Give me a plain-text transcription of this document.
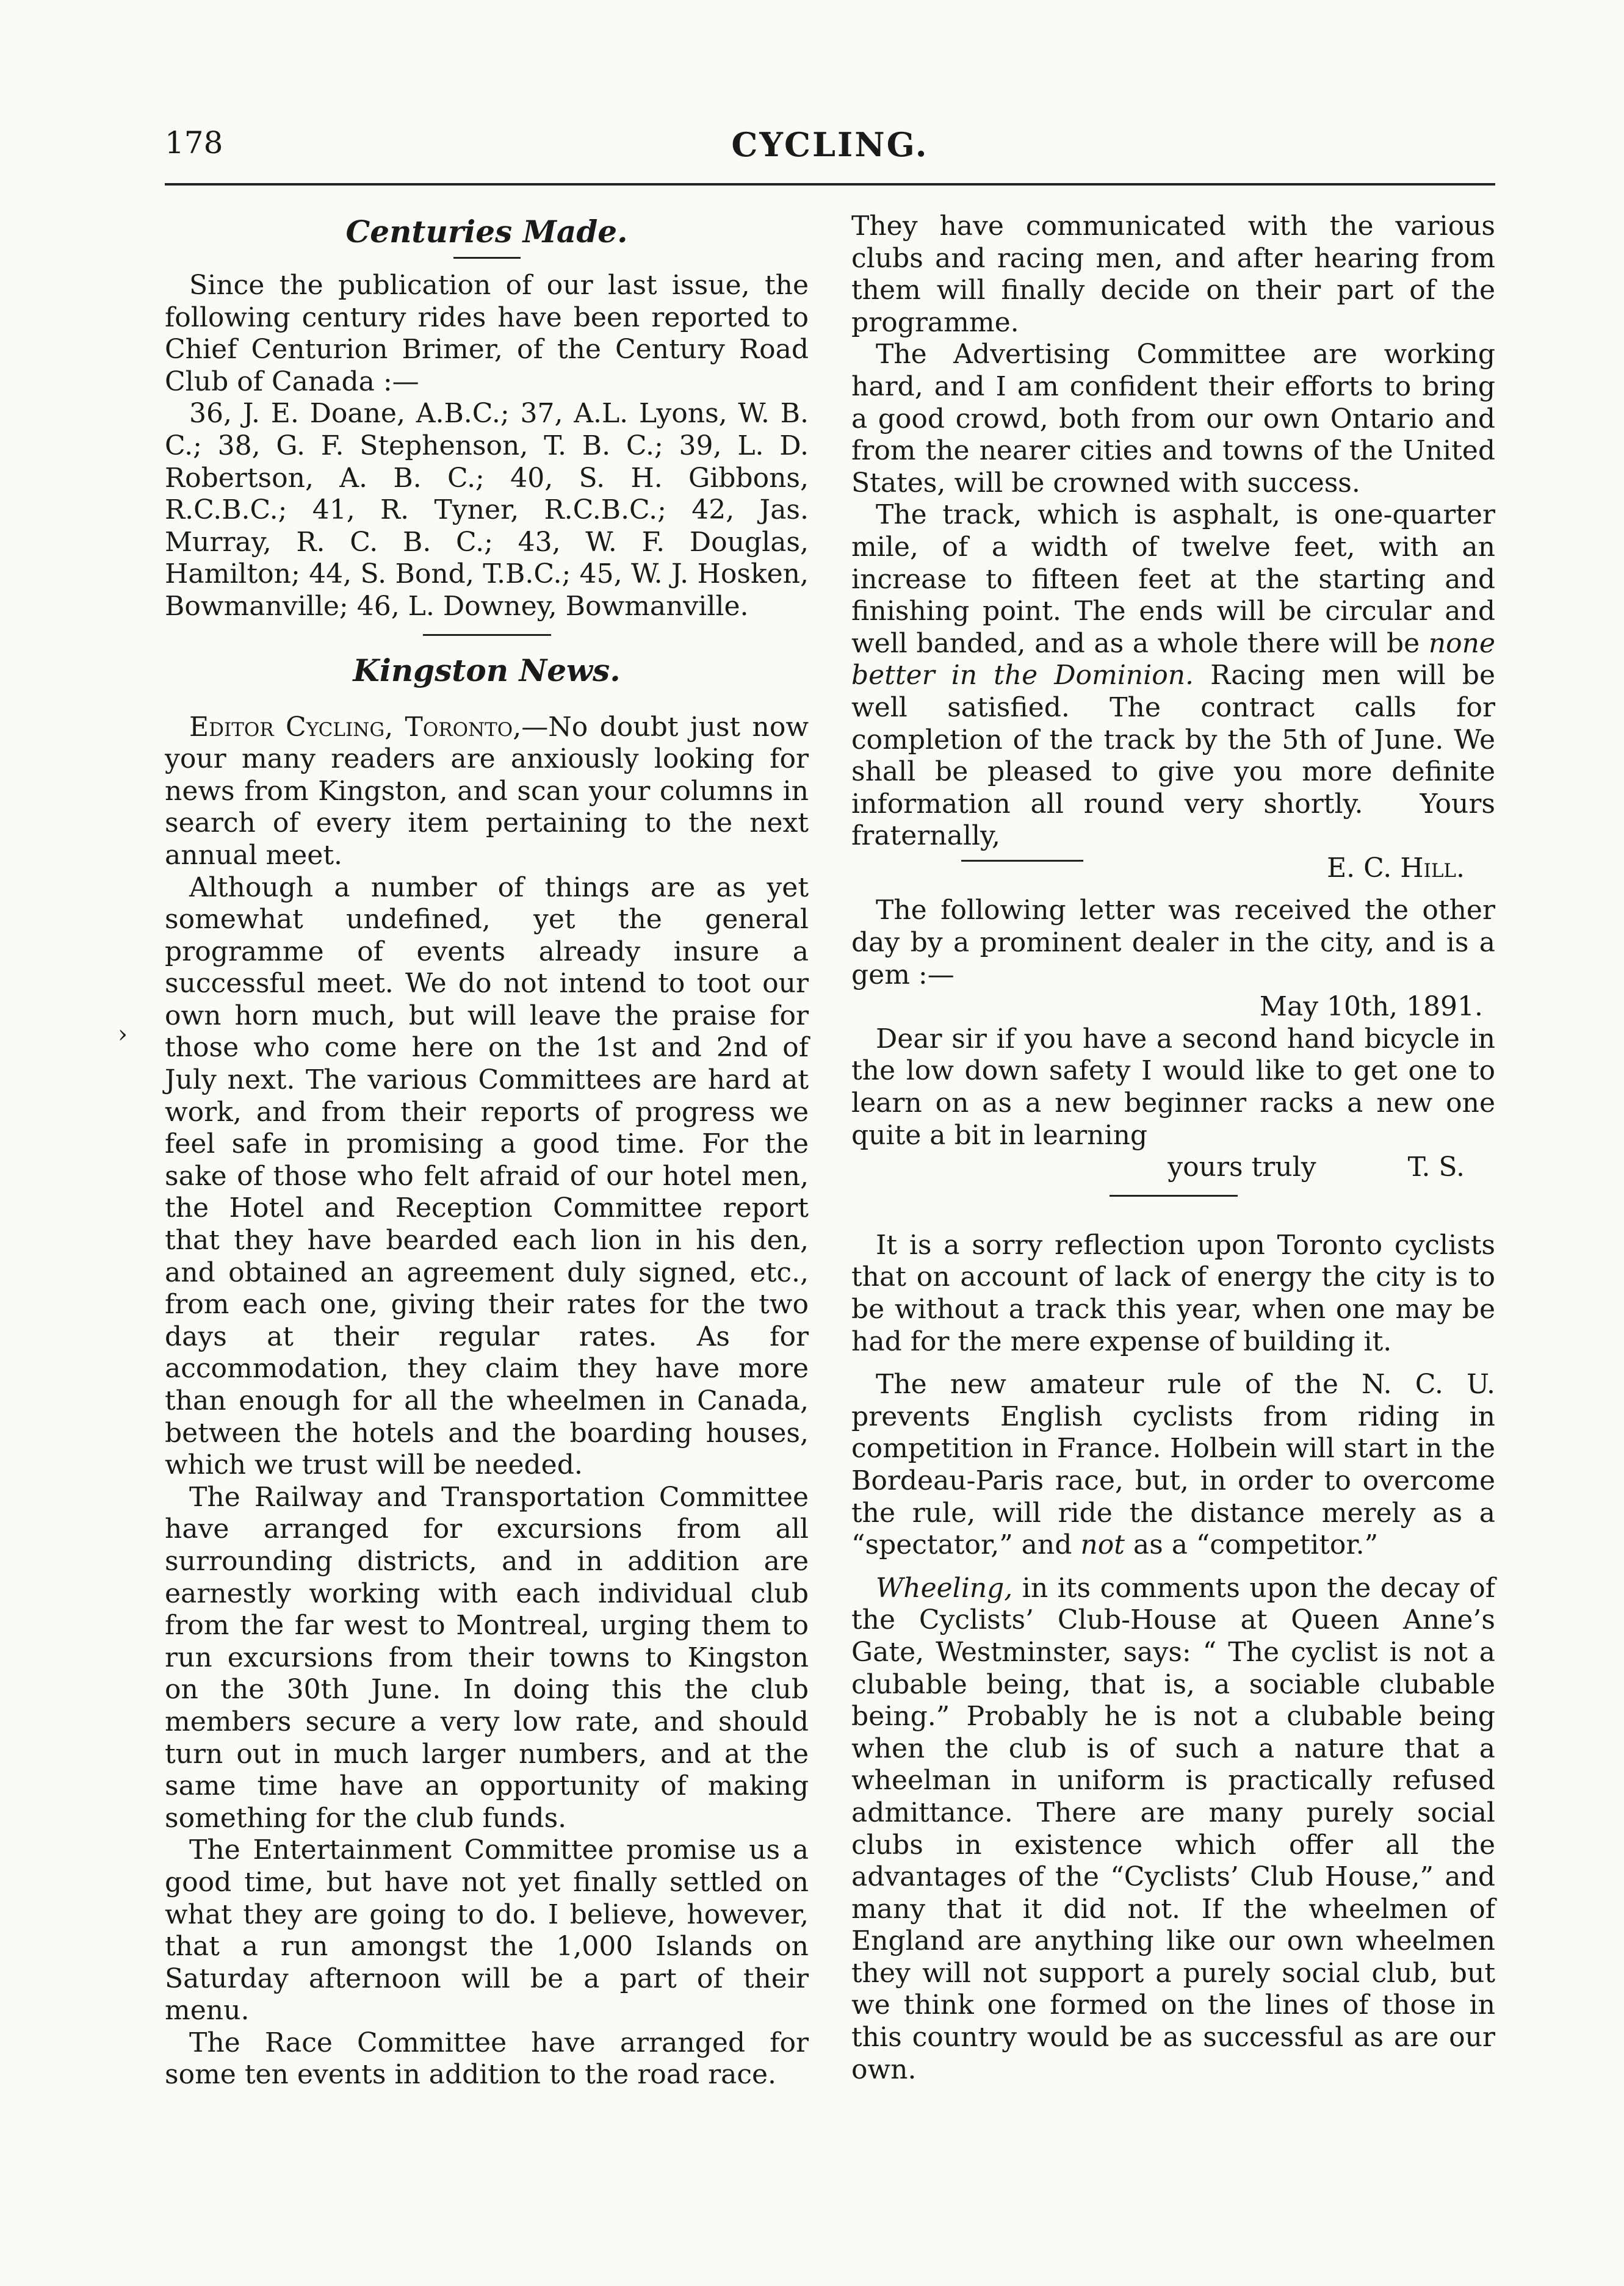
178	CYCLING.
›
Centuries Made.

Since the publication of our last issue, the following century rides have been reported to Chief Centurion Brimer, of the Century Road Club of Canada :—

36, J. E. Doane, A.B.C.; 37, A.L. Lyons, W. B. C.; 38, G. F. Stephenson, T. B. C.; 39, L. D. Robertson, A. B. C.; 40, S. H. Gibbons, R.C.B.C.; 41, R. Tyner, R.C.B.C.; 42, Jas. Murray, R. C. B. C.; 43, W. F. Douglas, Hamilton; 44, S. Bond, T.B.C.; 45, W. J. Hosken, Bowmanville; 46, L. Downey, Bowmanville.

Kingston News.

Editor Cycling, Toronto,—No doubt just now your many readers are anxiously looking for news from Kingston, and scan your columns in search of every item pertaining to the next annual meet.

Although a number of things are as yet somewhat undefined, yet the general programme of events already insure a successful meet. We do not intend to toot our own horn much, but will leave the praise for those who come here on the 1st and 2nd of July next. The various Committees are hard at work, and from their reports of progress we feel safe in promising a good time. For the sake of those who felt afraid of our hotel men, the Hotel and Reception Committee report that they have bearded each lion in his den, and obtained an agreement duly signed, etc., from each one, giving their rates for the two days at their regular rates. As for accommodation, they claim they have more than enough for all the wheelmen in Canada, between the hotels and the boarding houses, which we trust will be needed.

The Railway and Transportation Committee have arranged for excursions from all surrounding districts, and in addition are earnestly working with each individual club from the far west to Montreal, urging them to run excursions from their towns to Kingston on the 30th June. In doing this the club members secure a very low rate, and should turn out in much larger numbers, and at the same time have an opportunity of making something for the club funds.

The Entertainment Committee promise us a good time, but have not yet finally settled on what they are going to do. I believe, however, that a run amongst the 1,000 Islands on Saturday afternoon will be a part of their menu.

The Race Committee have arranged for some ten events in addition to the road race.

They have communicated with the various clubs and racing men, and after hearing from them will finally decide on their part of the programme.

The Advertising Committee are working hard, and I am confident their efforts to bring a good crowd, both from our own Ontario and from the nearer cities and towns of the United States, will be crowned with success.

The track, which is asphalt, is one-quarter mile, of a width of twelve feet, with an increase to fifteen feet at the starting and finishing point. The ends will be circular and well banded, and as a whole there will be none better in the Dominion. Racing men will be well satisfied. The contract calls for completion of the track by the 5th of June. We shall be pleased to give you more definite information all round very shortly. Yours fraternally,

E. C. Hill.

The following letter was received the other day by a prominent dealer in the city, and is a gem :—

May 10th, 1891.

Dear sir if you have a second hand bicycle in the low down safety I would like to get one to learn on as a new beginner racks a new one quite a bit in learning

yours truly	T. S.

It is a sorry reflection upon Toronto cyclists that on account of lack of energy the city is to be without a track this year, when one may be had for the mere expense of building it.

The new amateur rule of the N. C. U. prevents English cyclists from riding in competition in France. Holbein will start in the Bordeau-Paris race, but, in order to overcome the rule, will ride the distance merely as a “spectator,” and not as a “competitor.”

Wheeling, in its comments upon the decay of the Cyclists’ Club-House at Queen Anne’s Gate, Westminster, says: “ The cyclist is not a clubable being, that is, a sociable clubable being.” Probably he is not a clubable being when the club is of such a nature that a wheelman in uniform is practically refused admittance. There are many purely social clubs in existence which offer all the advantages of the “Cyclists’ Club House,” and many that it did not. If the wheelmen of England are anything like our own wheelmen they will not support a purely social club, but we think one formed on the lines of those in this country would be as successful as are our own.
